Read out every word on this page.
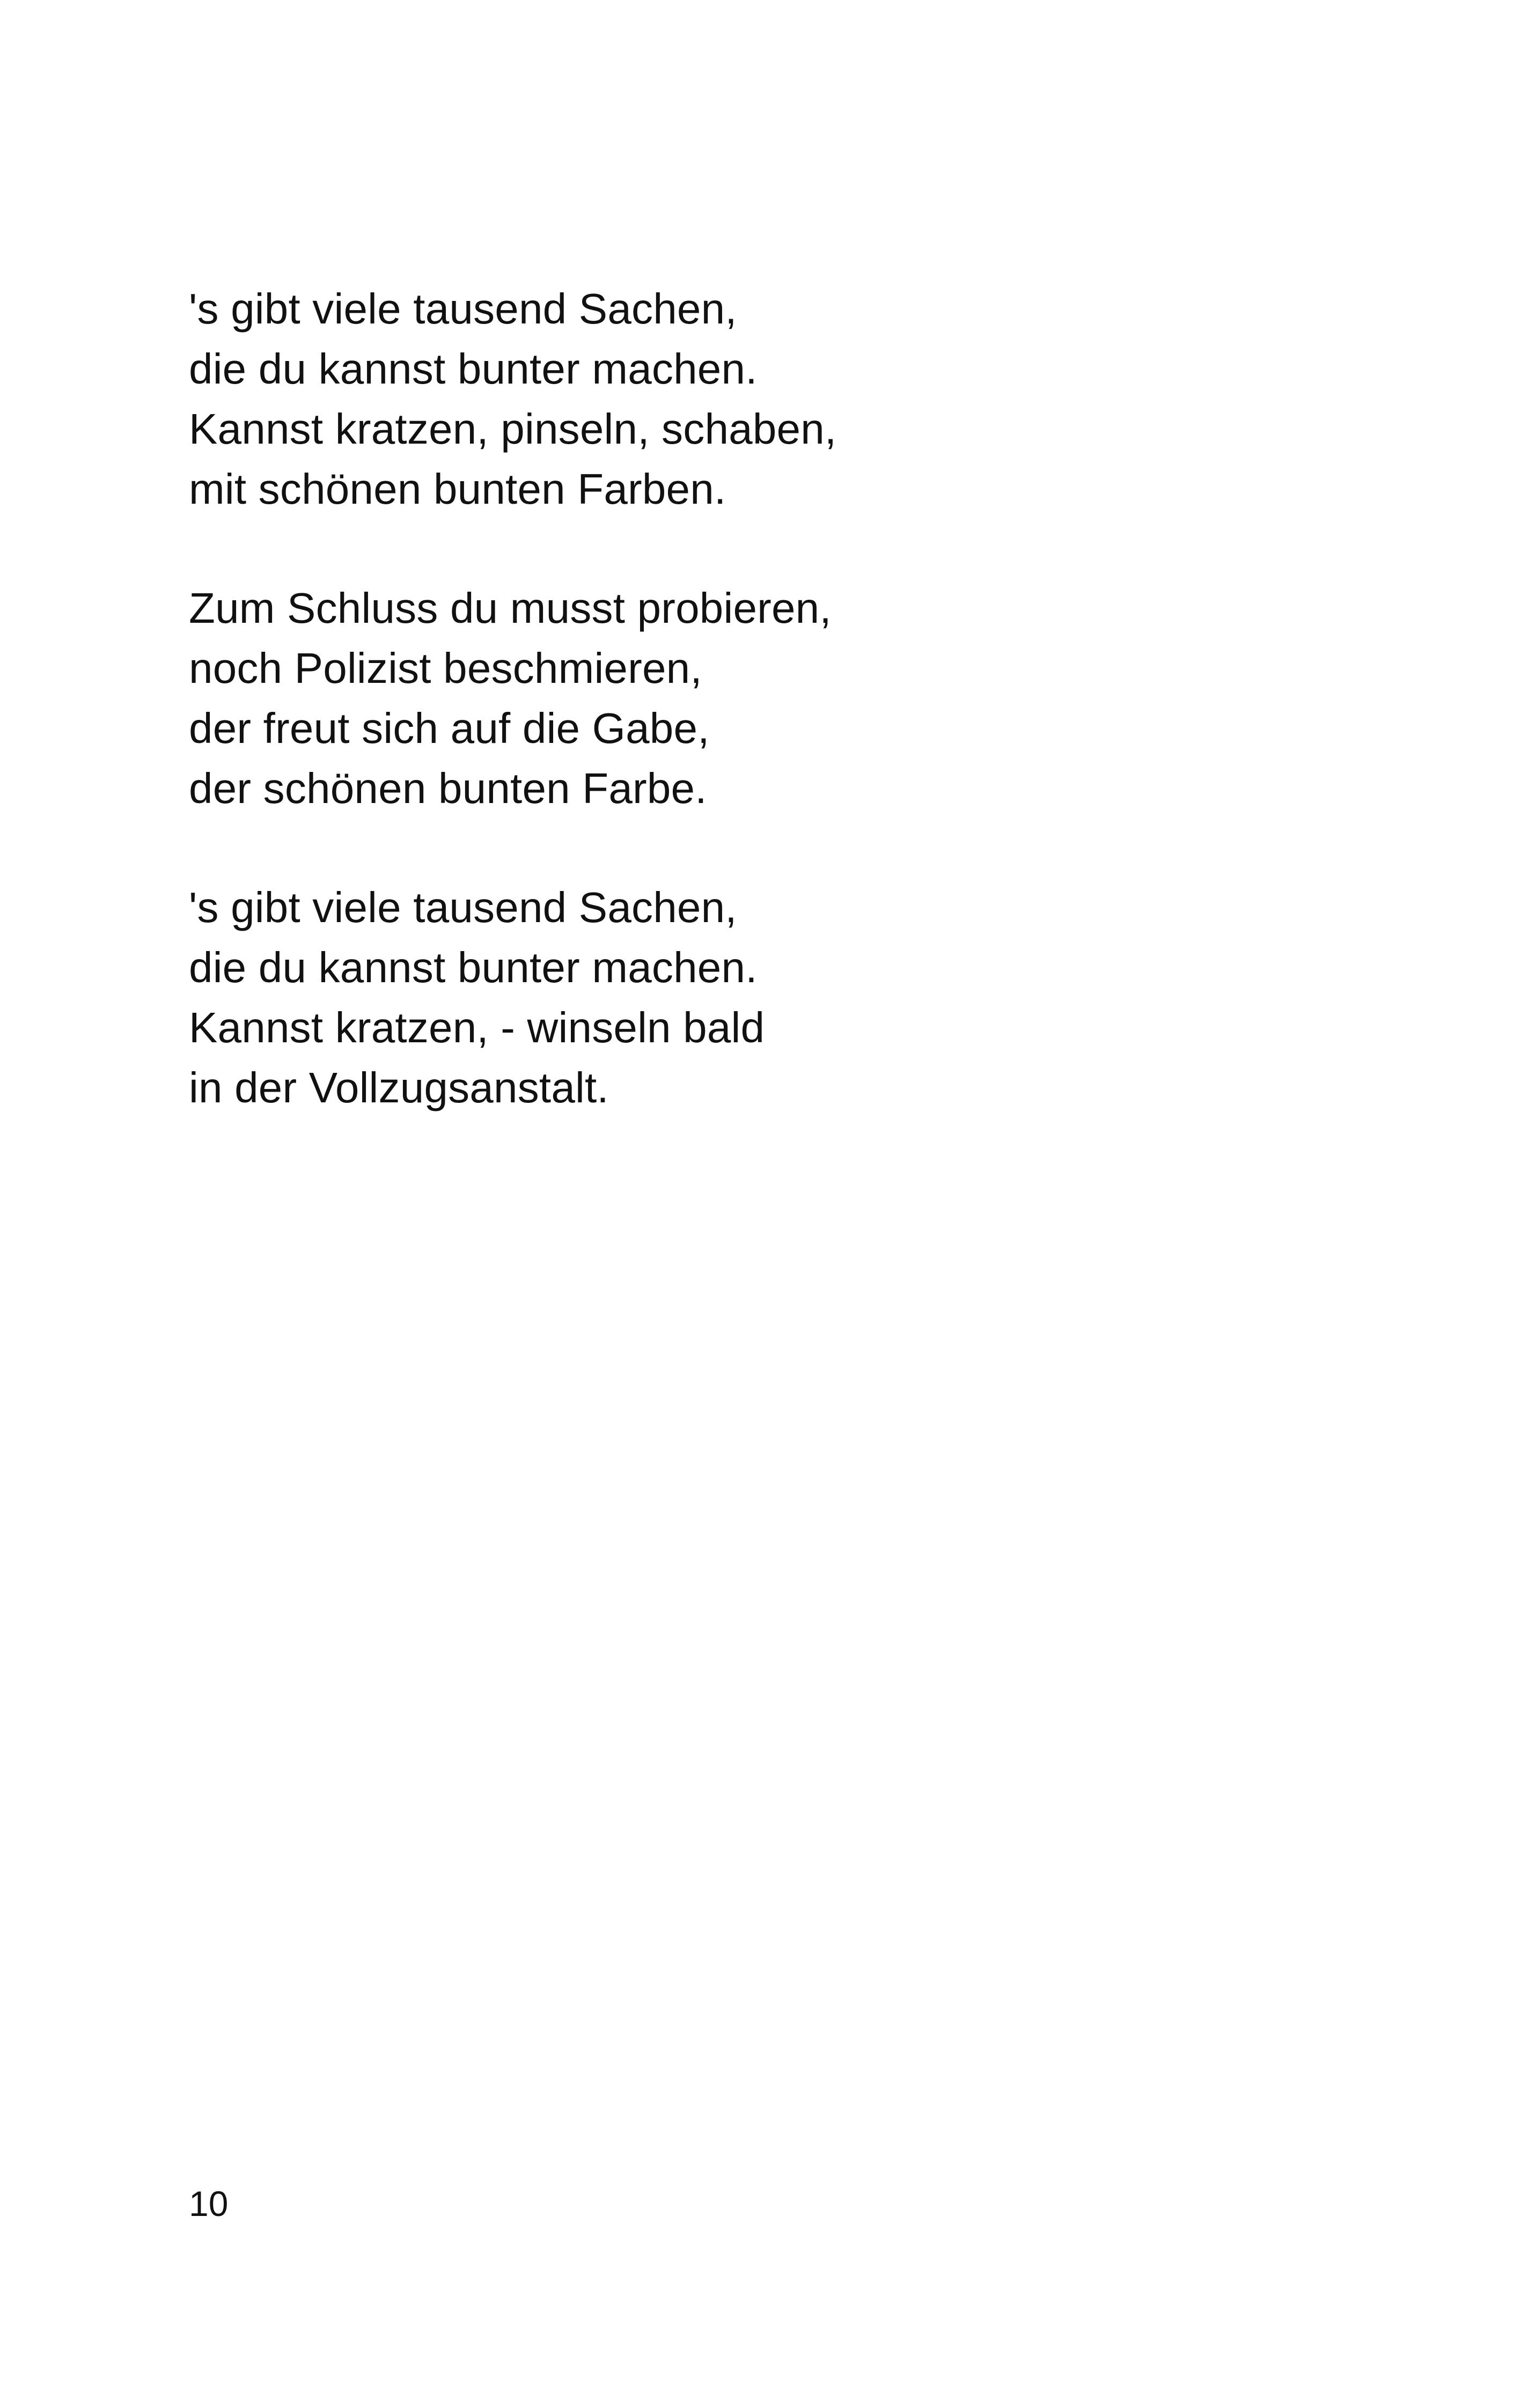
's gibt viele tausend Sachen,
die du kannst bunter machen.
Kannst kratzen, pinseln, schaben,
mit schönen bunten Farben.
Zum Schluss du musst probieren,
noch Polizist beschmieren,
der freut sich auf die Gabe,
der schönen bunten Farbe.
's gibt viele tausend Sachen,
die du kannst bunter machen.
Kannst kratzen, - winseln bald
in der Vollzugsanstalt.
10
